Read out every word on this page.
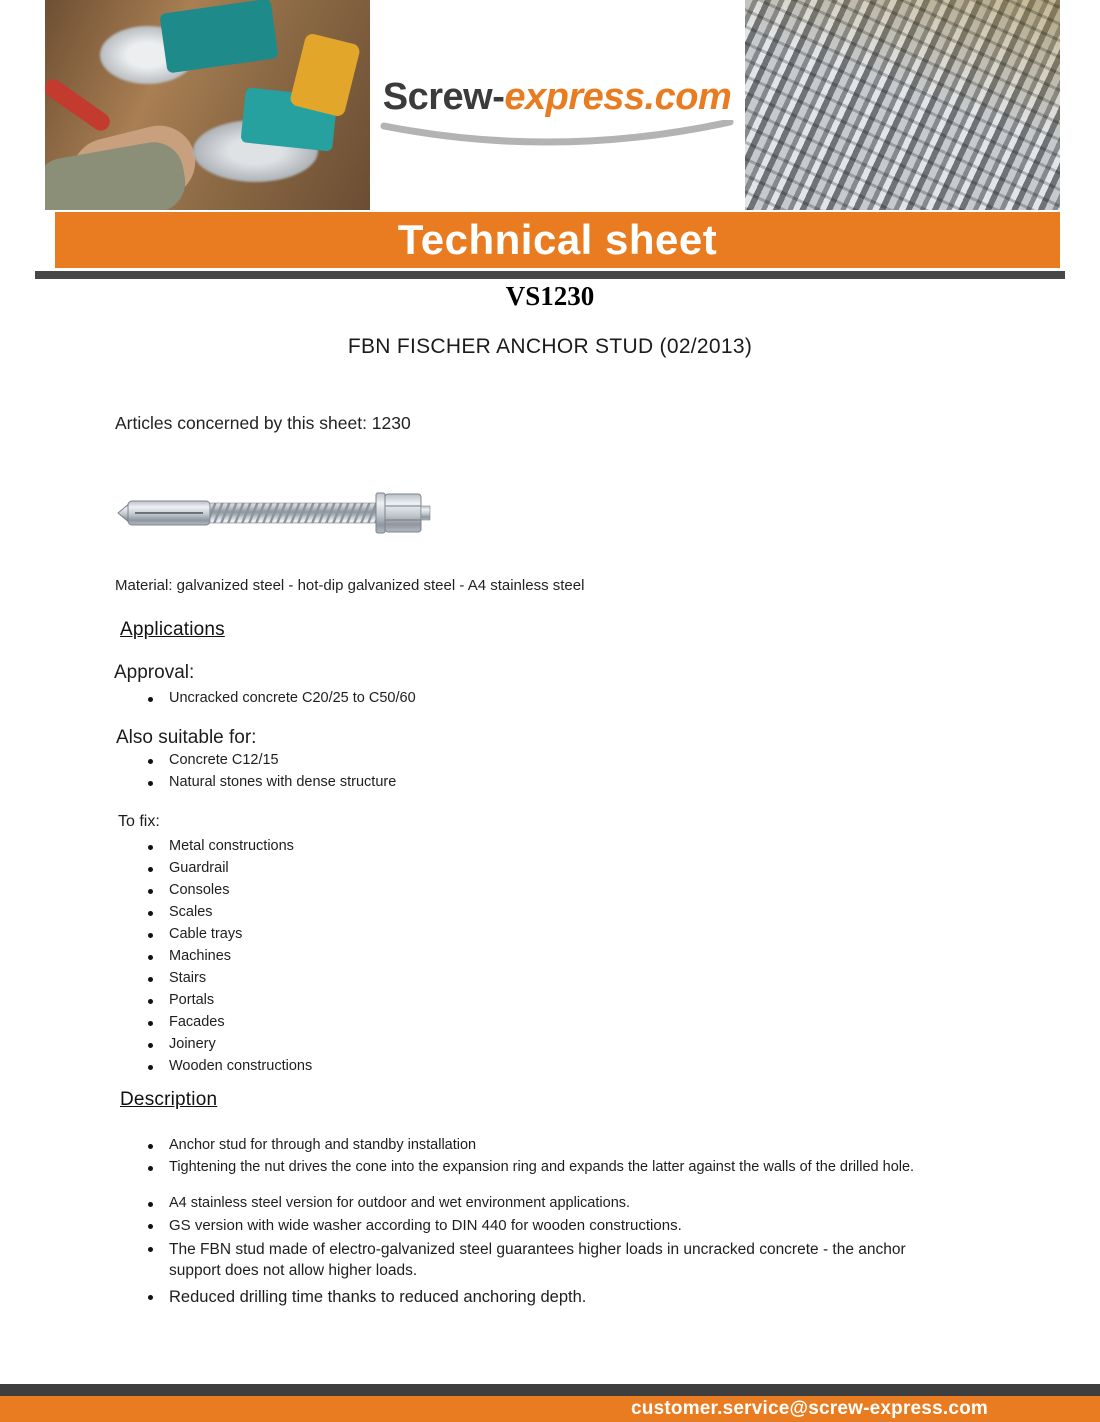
Screw-express.com
Technical sheet
VS1230
FBN FISCHER ANCHOR STUD (02/2013)
Articles concerned by this sheet: 1230
Material: galvanized steel - hot-dip galvanized steel - A4 stainless steel
Applications
Approval:
Uncracked concrete C20/25 to C50/60
Also suitable for:
Concrete C12/15
Natural stones with dense structure
To fix:
Metal constructions
Guardrail
Consoles
Scales
Cable trays
Machines
Stairs
Portals
Facades
Joinery
Wooden constructions
Description
Anchor stud for through and standby installation
Tightening the nut drives the cone into the expansion ring and expands the latter against the walls of the drilled hole.
A4 stainless steel version for outdoor and wet environment applications.
GS version with wide washer according to DIN 440 for wooden constructions.
The FBN stud made of electro-galvanized steel guarantees higher loads in uncracked concrete - the anchor support does not allow higher loads.
Reduced drilling time thanks to reduced anchoring depth.
customer.service@screw-express.com
